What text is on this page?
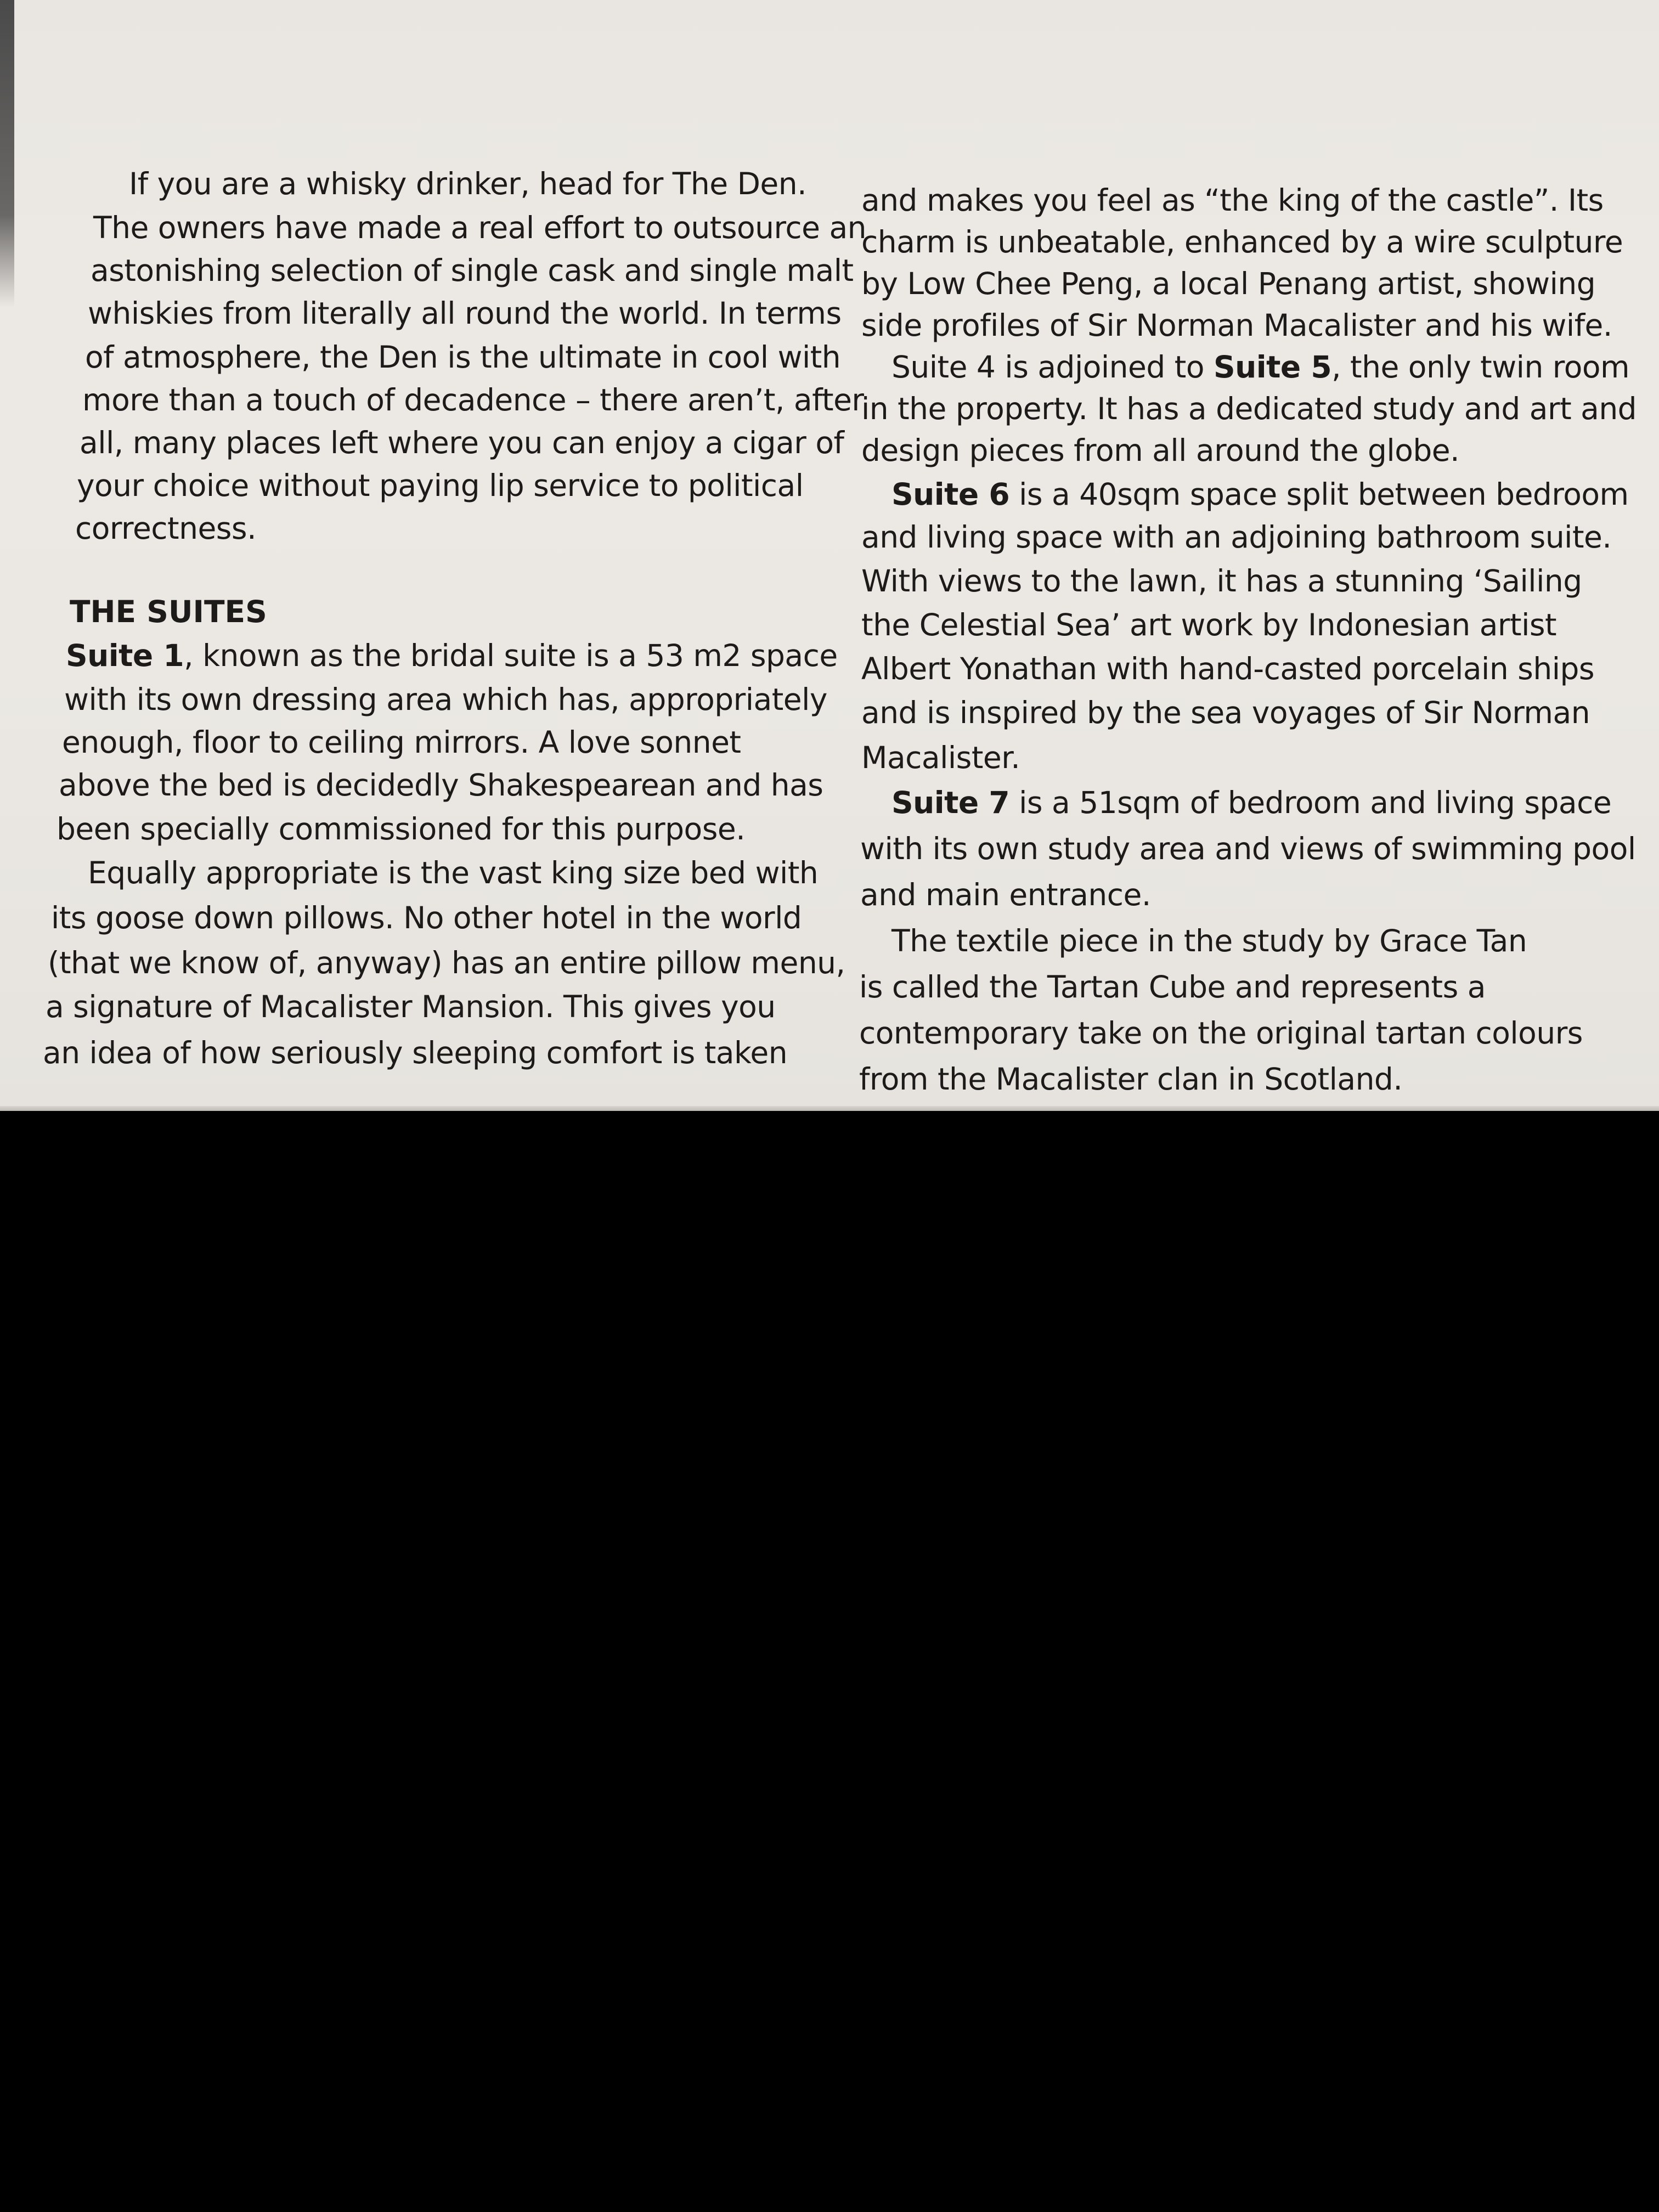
If you are a whisky drinker, head for The Den.
The owners have made a real effort to outsource an
astonishing selection of single cask and single malt
whiskies from literally all round the world. In terms
of atmosphere, the Den is the ultimate in cool with
more than a touch of decadence – there aren’t, after
all, many places left where you can enjoy a cigar of
your choice without paying lip service to political
correctness.
THE SUITES
Suite 1, known as the bridal suite is a 53 m2 space
with its own dressing area which has, appropriately
enough, floor to ceiling mirrors. A love sonnet
above the bed is decidedly Shakespearean and has
been specially commissioned for this purpose.
Equally appropriate is the vast king size bed with
its goose down pillows. No other hotel in the world
(that we know of, anyway) has an entire pillow menu,
a signature of Macalister Mansion. This gives you
an idea of how seriously sleeping comfort is taken
and makes you feel as “the king of the castle”. Its
charm is unbeatable, enhanced by a wire sculpture
by Low Chee Peng, a local Penang artist, showing
side profiles of Sir Norman Macalister and his wife.
Suite 4 is adjoined to Suite 5, the only twin room
in the property. It has a dedicated study and art and
design pieces from all around the globe.
Suite 6 is a 40sqm space split between bedroom
and living space with an adjoining bathroom suite.
With views to the lawn, it has a stunning ‘Sailing
the Celestial Sea’ art work by Indonesian artist
Albert Yonathan with hand-casted porcelain ships
and is inspired by the sea voyages of Sir Norman
Macalister.
Suite 7 is a 51sqm of bedroom and living space
with its own study area and views of swimming pool
and main entrance.
The textile piece in the study by Grace Tan
is called the Tartan Cube and represents a
contemporary take on the original tartan colours
from the Macalister clan in Scotland.
